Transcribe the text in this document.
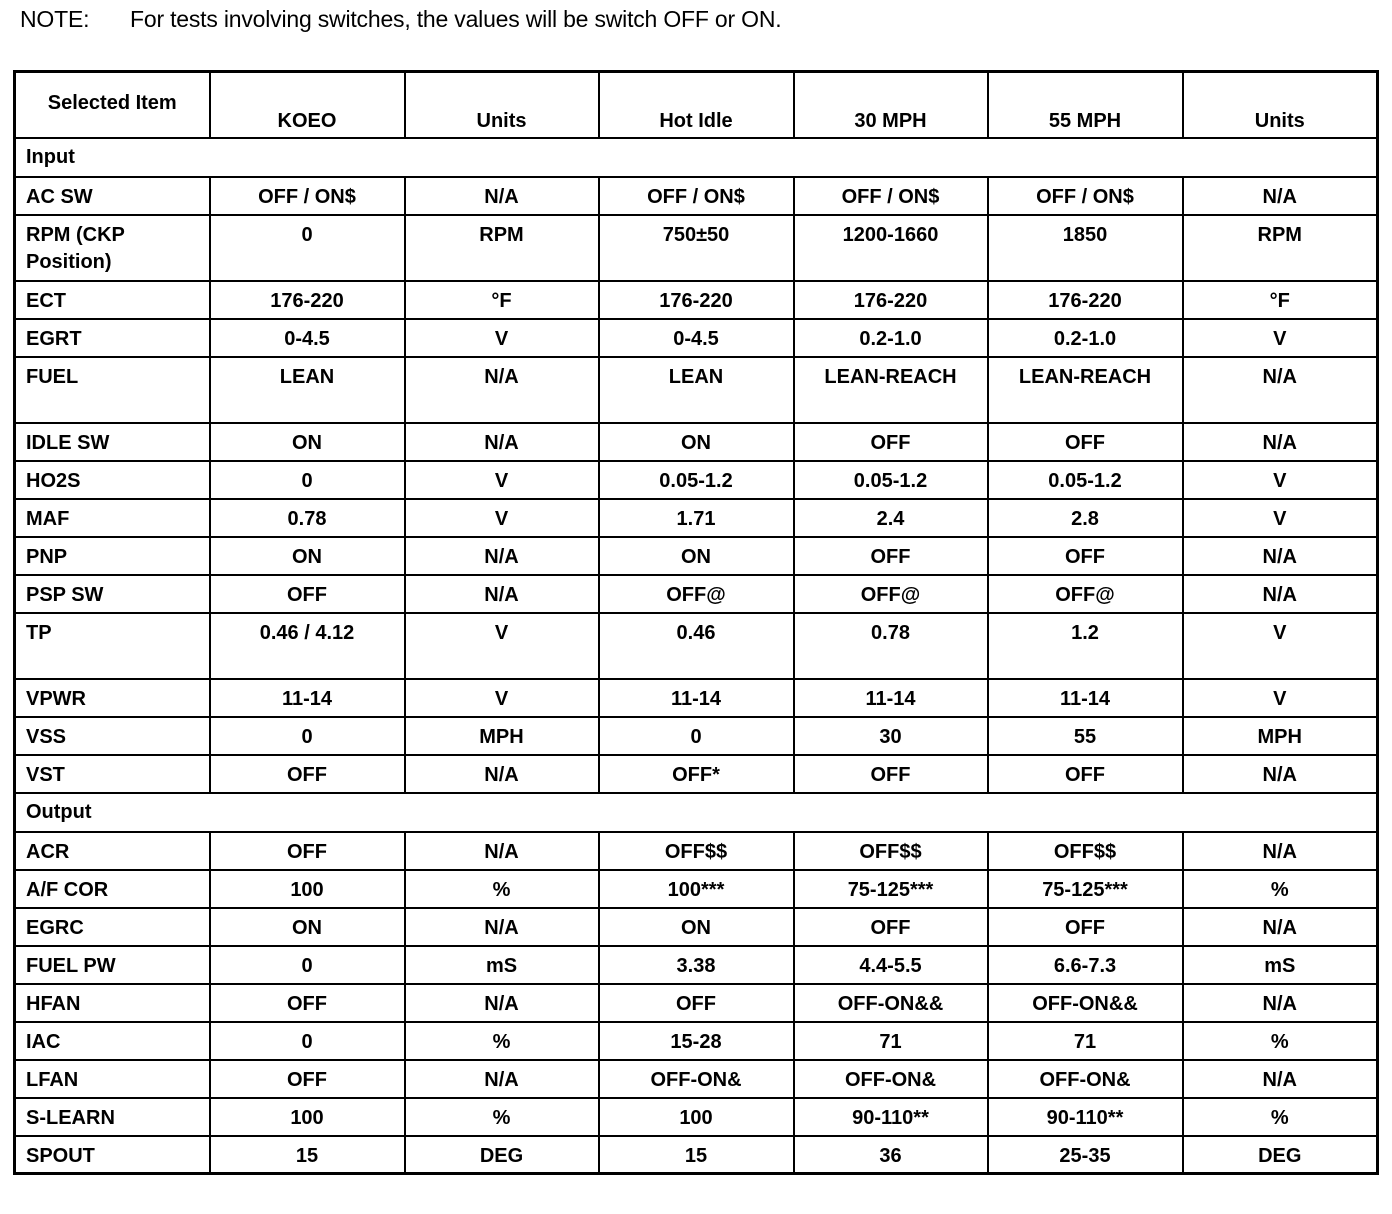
NOTE: For tests involving switches, the values will be switch OFF or ON.
Selected Item	KOEO	Units	Hot Idle	30 MPH	55 MPH	Units
Input						
AC SW	OFF / ON$	N/A	OFF / ON$	OFF / ON$	OFF / ON$	N/A
RPM (CKP Position)	0	RPM	750±50	1200-1660	1850	RPM
ECT	176-220	°F	176-220	176-220	176-220	°F
EGRT	0-4.5	V	0-4.5	0.2-1.0	0.2-1.0	V
FUEL	LEAN	N/A	LEAN	LEAN-REACH	LEAN-REACH	N/A
IDLE SW	ON	N/A	ON	OFF	OFF	N/A
HO2S	0	V	0.05-1.2	0.05-1.2	0.05-1.2	V
MAF	0.78	V	1.71	2.4	2.8	V
PNP	ON	N/A	ON	OFF	OFF	N/A
PSP SW	OFF	N/A	OFF@	OFF@	OFF@	N/A
TP	0.46 / 4.12	V	0.46	0.78	1.2	V
VPWR	11-14	V	11-14	11-14	11-14	V
VSS	0	MPH	0	30	55	MPH
VST	OFF	N/A	OFF*	OFF	OFF	N/A
Output						
ACR	OFF	N/A	OFF$$	OFF$$	OFF$$	N/A
A/F COR	100	%	100***	75-125***	75-125***	%
EGRC	ON	N/A	ON	OFF	OFF	N/A
FUEL PW	0	mS	3.38	4.4-5.5	6.6-7.3	mS
HFAN	OFF	N/A	OFF	OFF-ON&&	OFF-ON&&	N/A
IAC	0	%	15-28	71	71	%
LFAN	OFF	N/A	OFF-ON&	OFF-ON&	OFF-ON&	N/A
S-LEARN	100	%	100	90-110**	90-110**	%
SPOUT	15	DEG	15	36	25-35	DEG
